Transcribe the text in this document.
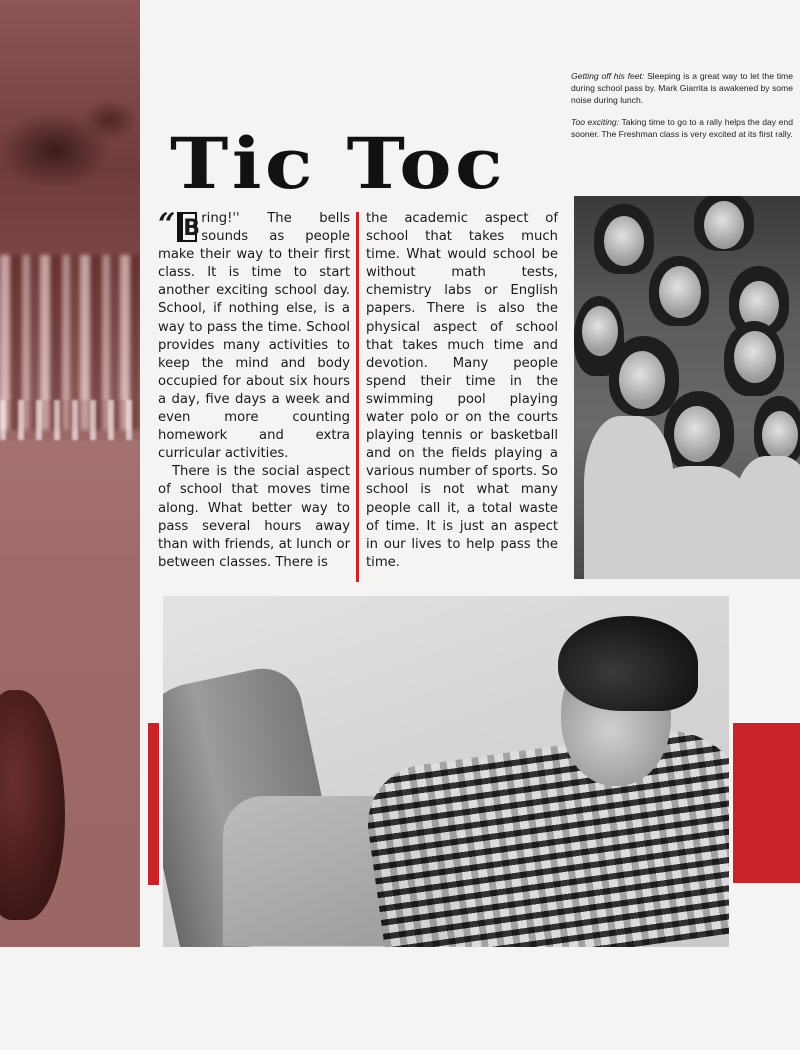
Getting off his feet: Sleeping is a great way to let the time during school pass by. Mark Giarrita is awakened by some noise during lunch.

Too exciting: Taking time to go to a rally helps the day end sooner. The Freshman class is very excited at its first rally.

Tic Toc

“ B ring!'' The bells sounds as people make their way to their first class. It is time to start another exciting school day. School, if nothing else, is a way to pass the time. School provides many activities to keep the mind and body occupied for about six hours a day, five days a week and even more counting homework and extra curricular activities.

There is the social aspect of school that moves time along. What better way to pass several hours away than with friends, at lunch or between classes. There is

the academic aspect of school that takes much time. What would school be without math tests, chemistry labs or English papers. There is also the physical aspect of school that takes much time and devotion. Many people spend their time in the swimming pool playing water polo or on the courts playing tennis or basketball and on the fields playing a various number of sports. So school is not what many people call it, a total waste of time. It is just an aspect in our lives to help pass the time.
